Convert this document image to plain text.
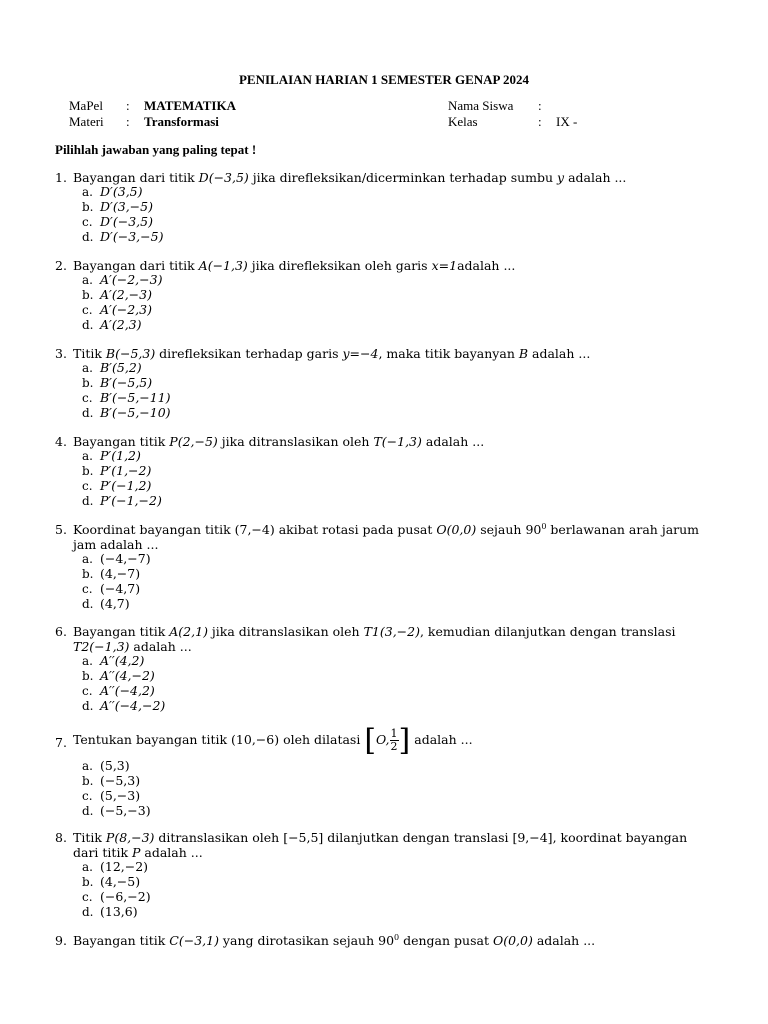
PENILAIAN HARIAN 1 SEMESTER GENAP 2024
MaPel : MATEMATIKA	Nama Siswa :
Materi : Transformasi	Kelas	: IX -
Pilihlah jawaban yang paling tepat !
1. Bayangan dari titik D(−3,5) jika direfleksikan/dicerminkan terhadap sumbu y adalah ...
a. D′(3,5)
b. D′(3,−5)
c. D′(−3,5)
d. D′(−3,−5)
2. Bayangan dari titik A(−1,3) jika direfleksikan oleh garis x=1adalah ...
a. A′(−2,−3)
b. A′(2,−3)
c. A′(−2,3)
d. A′(2,3)
3. Titik B(−5,3) direfleksikan terhadap garis y=−4, maka titik bayanyan B adalah ...
a. B′(5,2)
b. B′(−5,5)
c. B′(−5,−11)
d. B′(−5,−10)
4. Bayangan titik P(2,−5) jika ditranslasikan oleh T(−1,3) adalah ...
a. P′(1,2)
b. P′(1,−2)
c. P′(−1,2)
d. P′(−1,−2)
5. Koordinat bayangan titik (7,−4) akibat rotasi pada pusat O(0,0) sejauh $90^0$ berlawanan arah jarum
jam adalah ...
a. (−4,−7)
b. (4,−7)
c. (−4,7)
d. (4,7)
6. Bayangan titik A(2,1) jika ditranslasikan oleh T1(3,−2), kemudian dilanjutkan dengan translasi
T2(−1,3) adalah ...
a. A′′(4,2)
b. A′′(4,−2)
c. A′′(−4,2)
d. A′′(−4,−2)
7. Tentukan bayangan titik (10,−6) oleh dilatasi [O, $\frac{1}{2}$ ] adalah ...
a. (5,3)
b. (−5,3)
c. (5,−3)
d. (−5,−3)
8. Titik P(8,−3) ditranslasikan oleh [−5,5] dilanjutkan dengan translasi [9,−4], koordinat bayangan
dari titik P adalah ...
a. (12,−2)
b. (4,−5)
c. (−6,−2)
d. (13,6)
9. Bayangan titik C(−3,1) yang dirotasikan sejauh $90^0$ dengan pusat O(0,0) adalah ...
